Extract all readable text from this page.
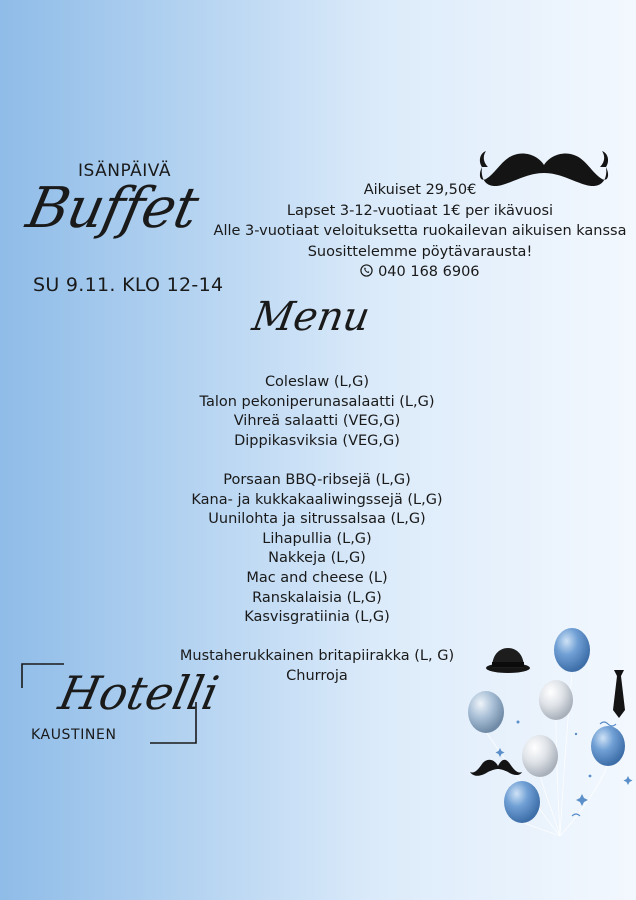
ISÄNPÄIVÄ
Buffet
SU 9.11. KLO 12-14
Aikuiset 29,50€
Lapset 3-12-vuotiaat 1€ per ikävuosi
Alle 3-vuotiaat veloituksetta ruokailevan aikuisen kanssa
Suosittelemme pöytävarausta!
040 168 6906
Menu
Coleslaw (L,G)
Talon pekoniperunasalaatti (L,G)
Vihreä salaatti (VEG,G)
Dippikasviksia (VEG,G)
Porsaan BBQ-ribsejä (L,G)
Kana- ja kukkakaaliwingssejä (L,G)
Uunilohta ja sitrussalsaa (L,G)
Lihapullia (L,G)
Nakkeja (L,G)
Mac and cheese (L)
Ranskalaisia (L,G)
Kasvisgratiinia (L,G)
Mustaherukkainen britapiirakka (L, G)
Churroja
Hotelli
KAUSTINEN
